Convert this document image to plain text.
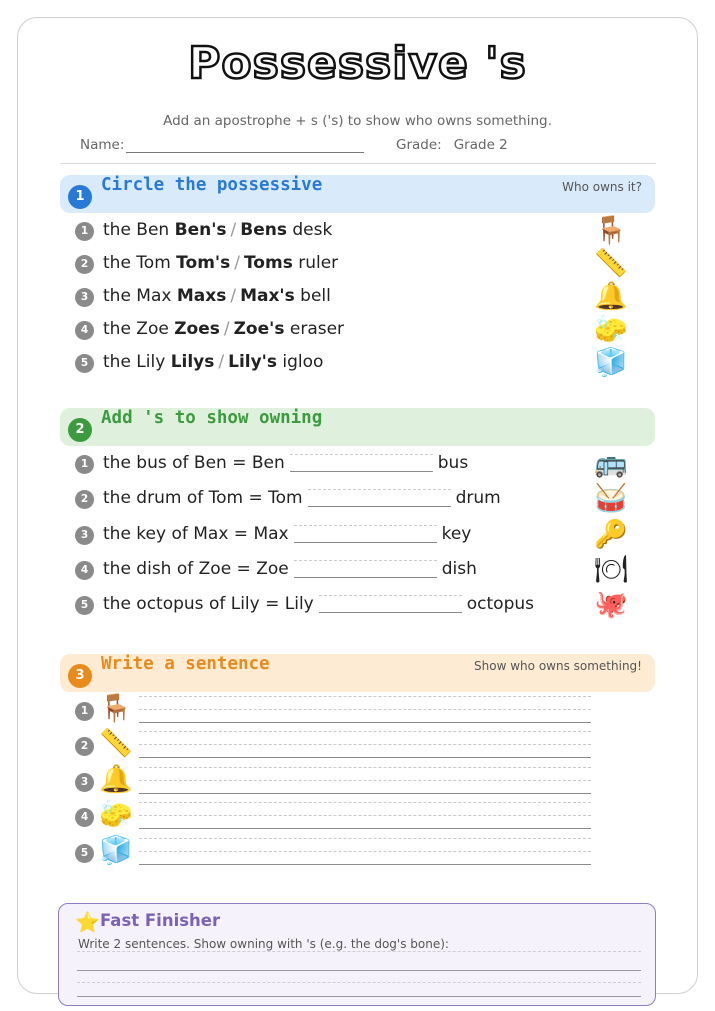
Possessive 's
Add an apostrophe + s ('s) to show who owns something.
Name:	Grade: Grade 2
1
Circle the possessive	Who owns it?
1 the Ben Ben's / Bens desk	🪑
2 the Tom Tom's / Toms ruler	📏
3 the Max Maxs / Max's bell	🔔
4 the Zoe Zoes / Zoe's eraser	🧽
5 the Lily Lilys / Lily's igloo	🧊
2
Add 's to show owning
1 the bus of Ben = Ben	bus	🚌
2 the drum of Tom = Tom	drum	🥁
3 the key of Max = Max	key	🔑
4 the dish of Zoe = Zoe	dish	🍽
5 the octopus of Lily = Lily	octopus 🐙
3
Write a sentence	Show who owns something!
1 🪑
2 📏
3 🔔
4 🧽
5 🧊
⭐ Fast Finisher
Write 2 sentences. Show owning with 's (e.g. the dog's bone):
